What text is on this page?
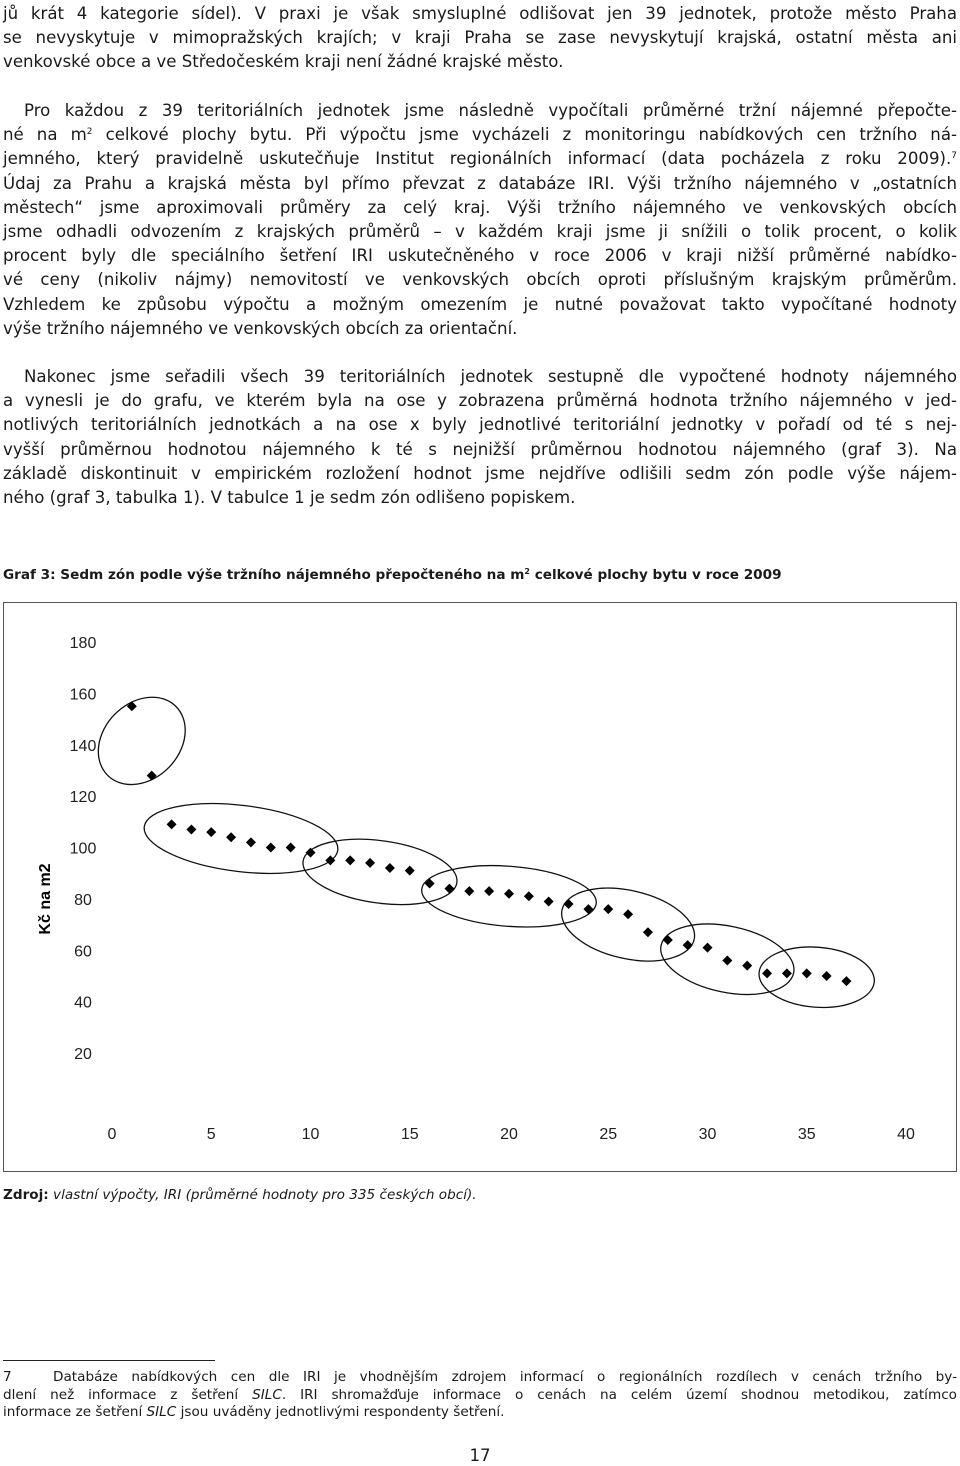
jů krát 4 kategorie sídel). V praxi je však smysluplné odlišovat jen 39 jednotek, protože město Praha
se nevyskytuje v mimopražských krajích; v kraji Praha se zase nevyskytují krajská, ostatní města ani
venkovské obce a ve Středočeském kraji není žádné krajské město.
Pro každou z 39 teritoriálních jednotek jsme následně vypočítali průměrné tržní nájemné přepočte-
né na $m^2$ celkové plochy bytu. Při výpočtu jsme vycházeli z monitoringu nabídkových cen tržního ná-
jemného, který pravidelně uskutečňuje Institut regionálních informací (data pocházela z roku 2009).$^7$
Údaj za Prahu a krajská města byl přímo převzat z databáze IRI. Výši tržního nájemného v „ostatních
městech“ jsme aproximovali průměry za celý kraj. Výši tržního nájemného ve venkovských obcích
jsme odhadli odvozením z krajských průměrů – v každém kraji jsme ji snížili o tolik procent, o kolik
procent byly dle speciálního šetření IRI uskutečněného v roce 2006 v kraji nižší průměrné nabídko-
vé ceny (nikoliv nájmy) nemovitostí ve venkovských obcích oproti příslušným krajským průměrům.
Vzhledem ke způsobu výpočtu a možným omezením je nutné považovat takto vypočítané hodnoty
výše tržního nájemného ve venkovských obcích za orientační.
Nakonec jsme seřadili všech 39 teritoriálních jednotek sestupně dle vypočtené hodnoty nájemného
a vynesli je do grafu, ve kterém byla na ose y zobrazena průměrná hodnota tržního nájemného v jed-
notlivých teritoriálních jednotkách a na ose x byly jednotlivé teritoriální jednotky v pořadí od té s nej-
vyšší průměrnou hodnotou nájemného k té s nejnižší průměrnou hodnotou nájemného (graf 3). Na
základě diskontinuit v empirickém rozložení hodnot jsme nejdříve odlišili sedm zón podle výše nájem-
ného (graf 3, tabulka 1). V tabulce 1 je sedm zón odlišeno popiskem.
Graf 3: Sedm zón podle výše tržního nájemného přepočteného na $m^2$ celkové plochy bytu v roce 2009
0	5	10	15	20	25	30	35	40
180
160
140
120
100
80
60
40
20
Kč na m2
Zdroj: vlastní výpočty, IRI (průměrné hodnoty pro 335 českých obcí).
7	Databáze nabídkových cen dle IRI je vhodnějším zdrojem informací o regionálních rozdílech v cenách tržního by-
dlení než informace z šetření SILC. IRI shromažďuje informace o cenách na celém území shodnou metodikou, zatímco
informace ze šetření SILC jsou uváděny jednotlivými respondenty šetření.
17
